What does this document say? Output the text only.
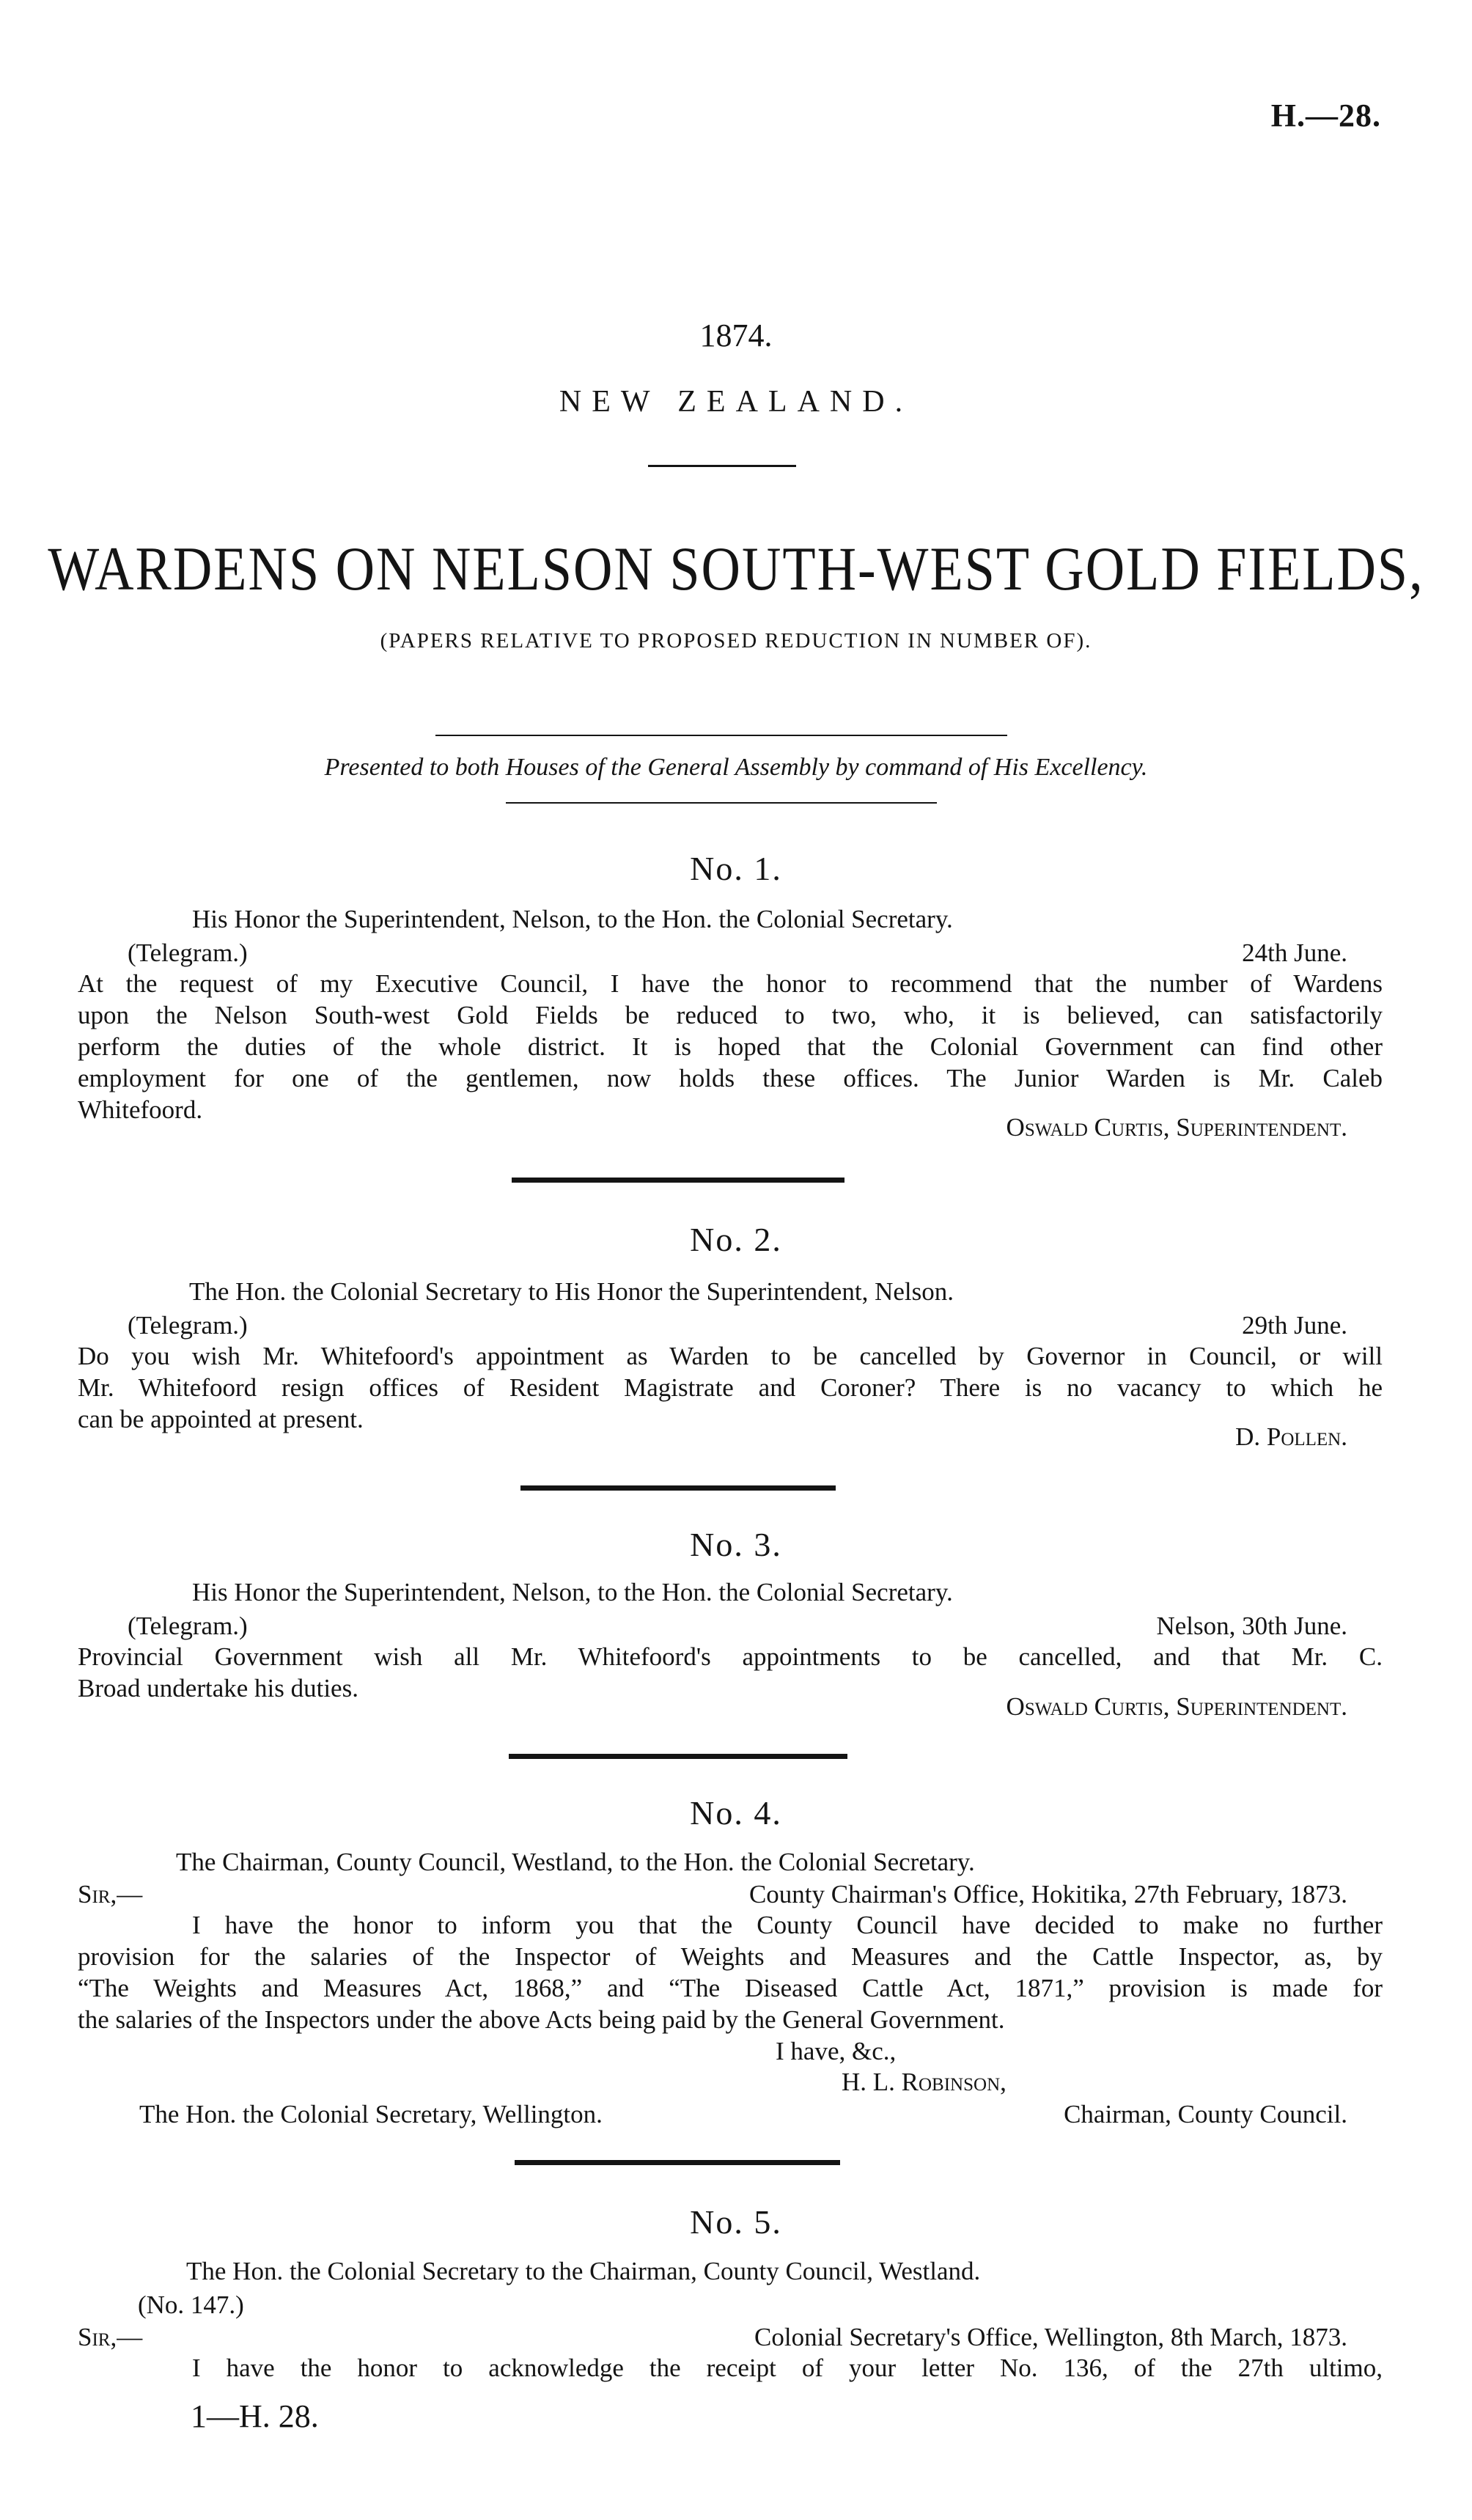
H.—28.
1874.
NEW ZEALAND.
WARDENS ON NELSON SOUTH-WEST GOLD FIELDS,
(PAPERS RELATIVE TO PROPOSED REDUCTION IN NUMBER OF).
Presented to both Houses of the General Assembly by command of His Excellency.
No. 1.
His Honor the Superintendent, Nelson, to the Hon. the Colonial Secretary.
(Telegram.)	24th June.
At the request of my Executive Council, I have the honor to recommend that the number of Wardens
upon the Nelson South-west Gold Fields be reduced to two, who, it is believed, can satisfactorily
perform the duties of the whole district. It is hoped that the Colonial Government can find other
employment for one of the gentlemen, now holds these offices. The Junior Warden is Mr. Caleb
Whitefoord.
Oswald Curtis, Superintendent.
No. 2.
The Hon. the Colonial Secretary to His Honor the Superintendent, Nelson.
(Telegram.)	29th June.
Do you wish Mr. Whitefoord's appointment as Warden to be cancelled by Governor in Council, or will
Mr. Whitefoord resign offices of Resident Magistrate and Coroner? There is no vacancy to which he
can be appointed at present.
D. Pollen.
No. 3.
His Honor the Superintendent, Nelson, to the Hon. the Colonial Secretary.
(Telegram.)	Nelson, 30th June.
Provincial Government wish all Mr. Whitefoord's appointments to be cancelled, and that Mr. C.
Broad undertake his duties.
Oswald Curtis, Superintendent.
No. 4.
The Chairman, County Council, Westland, to the Hon. the Colonial Secretary.
Sir,—	County Chairman's Office, Hokitika, 27th February, 1873.
I have the honor to inform you that the County Council have decided to make no further
provision for the salaries of the Inspector of Weights and Measures and the Cattle Inspector, as, by
“The Weights and Measures Act, 1868,” and “The Diseased Cattle Act, 1871,” provision is made for
the salaries of the Inspectors under the above Acts being paid by the General Government.
I have, &c.,
H. L. Robinson,
The Hon. the Colonial Secretary, Wellington.	Chairman, County Council.
No. 5.
The Hon. the Colonial Secretary to the Chairman, County Council, Westland.
(No. 147.)
Sir,—	Colonial Secretary's Office, Wellington, 8th March, 1873.
I have the honor to acknowledge the receipt of your letter No. 136, of the 27th ultimo,
1—H. 28.
